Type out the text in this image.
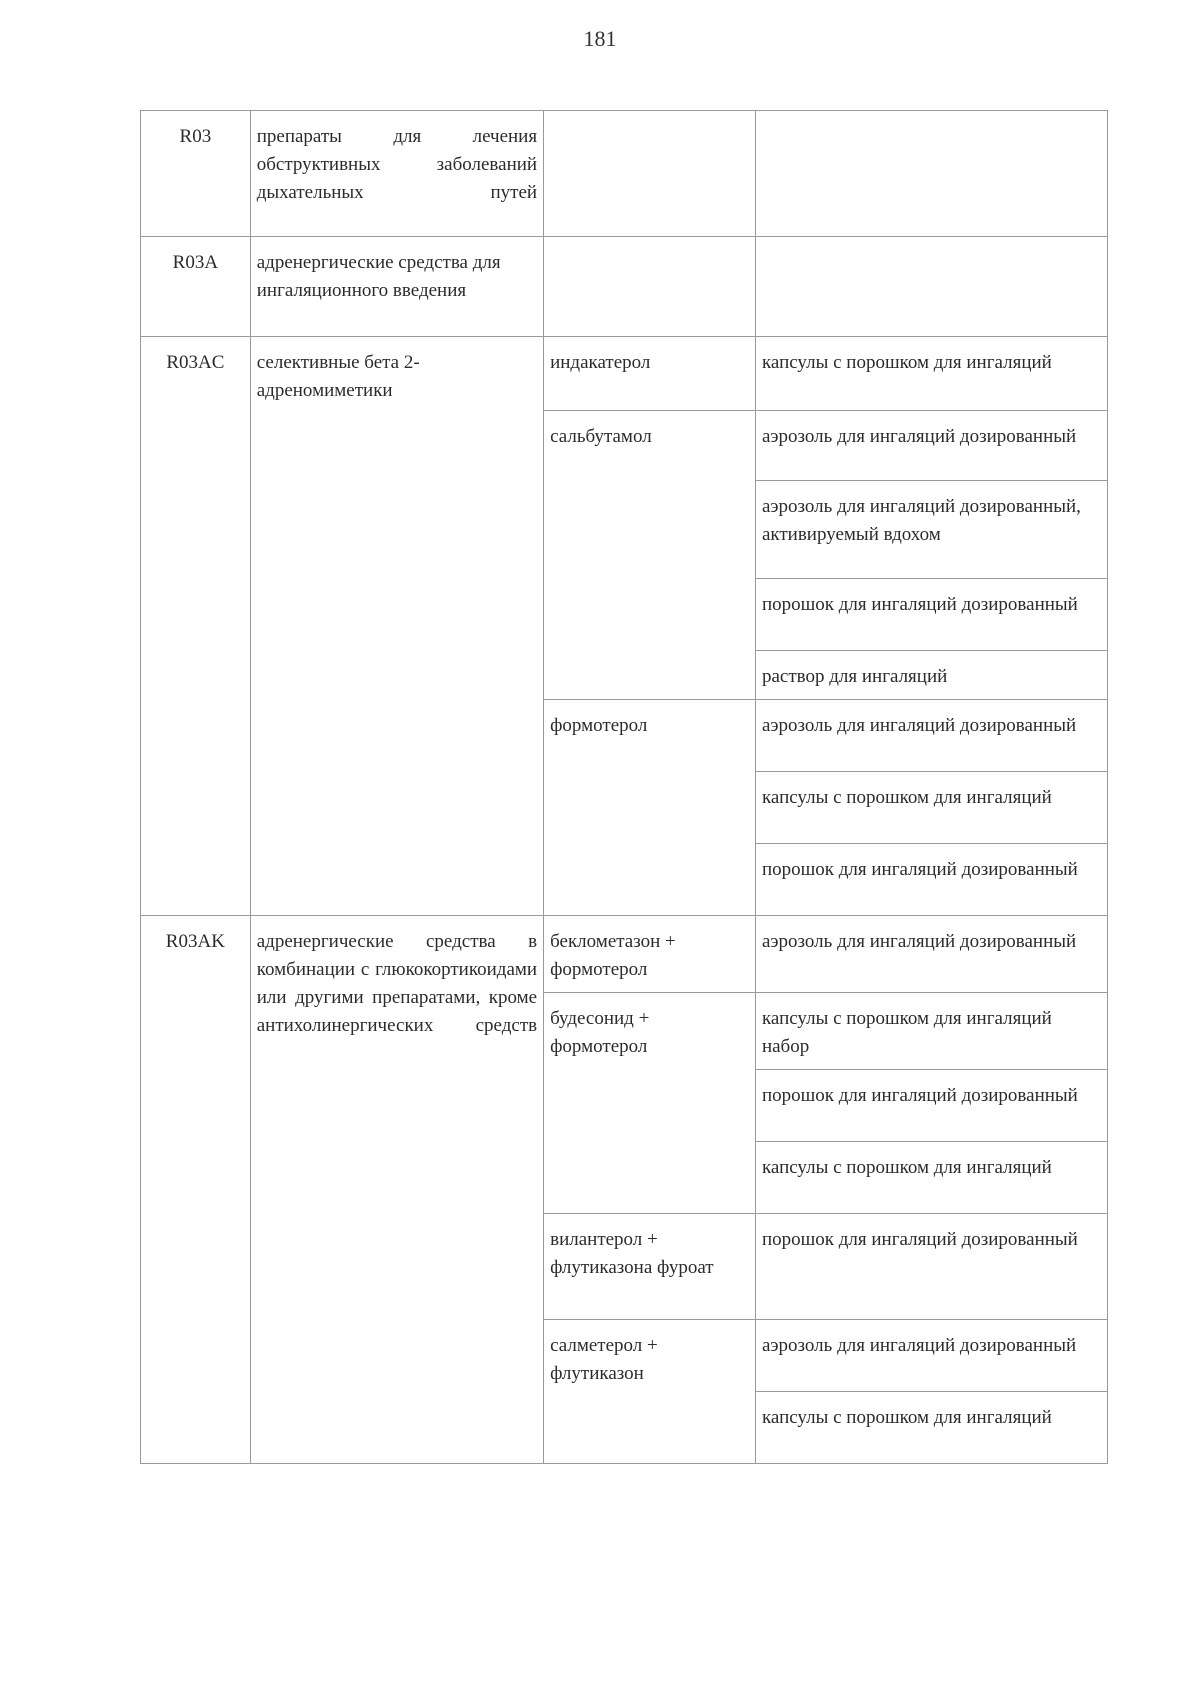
181
R03	препараты для лечения обструктивных заболеваний дыхательных путей		
R03A	адренергические средства для ингаляционного введения		
R03AC	селективные бета 2-адреномиметики	индакатерол	капсулы с порошком для ингаляций
		сальбутамол	аэрозоль для ингаляций дозированный
			аэрозоль для ингаляций дозированный, активируемый вдохом
			порошок для ингаляций дозированный
			раствор для ингаляций
		формотерол	аэрозоль для ингаляций дозированный
			капсулы с порошком для ингаляций
			порошок для ингаляций дозированный
R03AK	адренергические средства в комбинации с глюкокортикоидами или другими препаратами, кроме антихолинергических средств	беклометазон + формотерол	аэрозоль для ингаляций дозированный
		будесонид + формотерол	капсулы с порошком для ингаляций набор
			порошок для ингаляций дозированный
			капсулы с порошком для ингаляций
		вилантерол + флутиказона фуроат	порошок для ингаляций дозированный
		салметерол + флутиказон	аэрозоль для ингаляций дозированный
			капсулы с порошком для ингаляций
